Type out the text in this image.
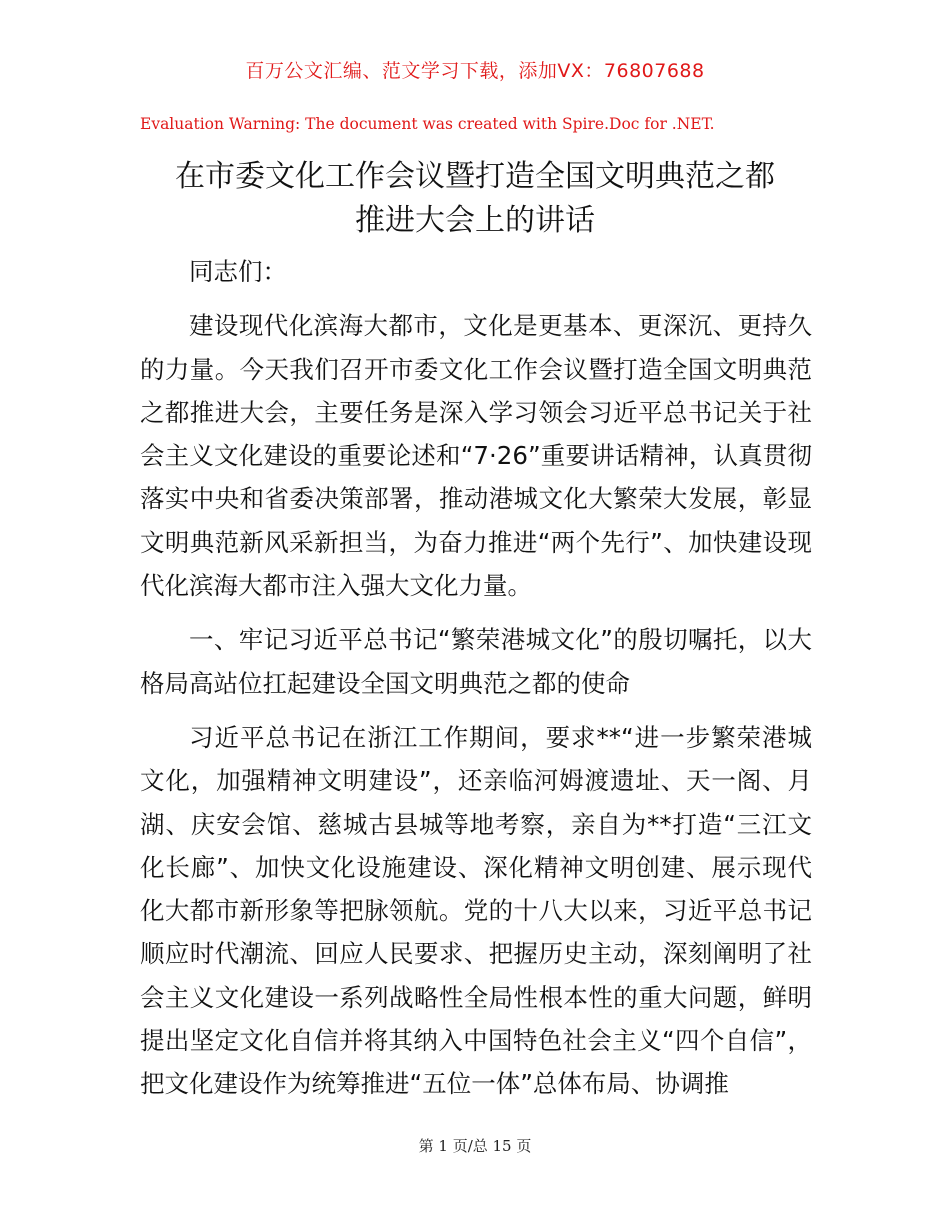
百万公文汇编、范文学习下载，添加VX：76807688
Evaluation Warning: The document was created with Spire.Doc for .NET.
在市委文化工作会议暨打造全国文明典范之都
推进大会上的讲话

同志们：

建设现代化滨海大都市，文化是更基本、更深沉、更持久的力量。今天我们召开市委文化工作会议暨打造全国文明典范之都推进大会，主要任务是深入学习领会习近平总书记关于社会主义文化建设的重要论述和“7·26”重要讲话精神，认真贯彻落实中央和省委决策部署，推动港城文化大繁荣大发展，彰显文明典范新风采新担当，为奋力推进“两个先行”、加快建设现代化滨海大都市注入强大文化力量。

一、牢记习近平总书记“繁荣港城文化”的殷切嘱托，以大格局高站位扛起建设全国文明典范之都的使命

习近平总书记在浙江工作期间，要求**“进一步繁荣港城文化，加强精神文明建设”，还亲临河姆渡遗址、天一阁、月湖、庆安会馆、慈城古县城等地考察，亲自为**打造“三江文化长廊”、加快文化设施建设、深化精神文明创建、展示现代化大都市新形象等把脉领航。党的十八大以来，习近平总书记顺应时代潮流、回应人民要求、把握历史主动，深刻阐明了社会主义文化建设一系列战略性全局性根本性的重大问题，鲜明提出坚定文化自信并将其纳入中国特色社会主义“四个自信”，把文化建设作为统筹推进“五位一体”总体布局、协调推

第 1 页/总 15 页
